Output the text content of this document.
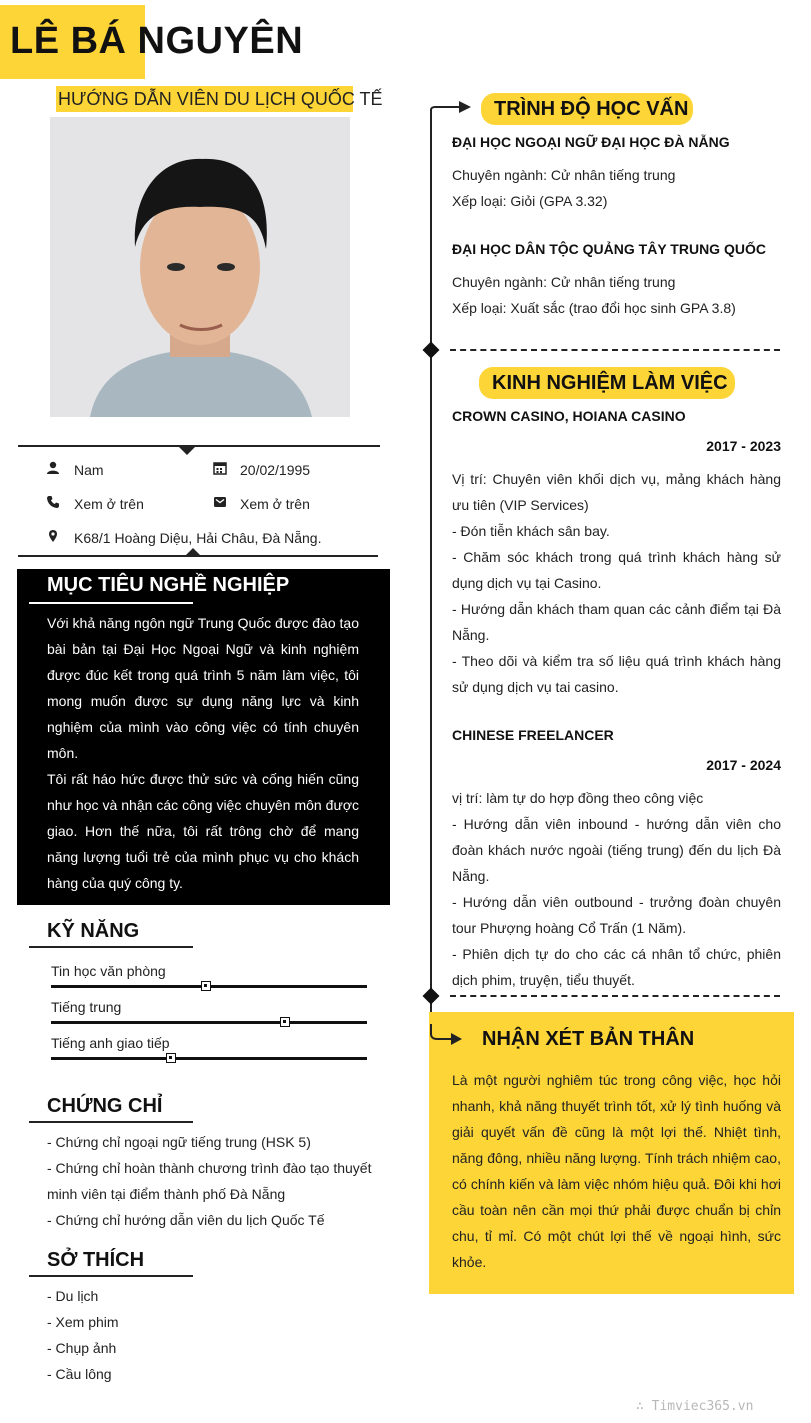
LÊ BÁ NGUYÊN
HƯỚNG DẪN VIÊN DU LỊCH QUỐC TẾ
Nam	20/02/1995
Xem ở trên	Xem ở trên
K68/1 Hoàng Diệu, Hải Châu, Đà Nẵng.
MỤC TIÊU NGHỀ NGHIỆP

Với khả năng ngôn ngữ Trung Quốc được đào tạo bài bản tại Đại Học Ngoại Ngữ và kinh nghiệm được đúc kết trong quá trình 5 năm làm việc, tôi mong muốn được sự dụng năng lực và kinh nghiệm của mình vào công việc có tính chuyên môn.

Tôi rất háo hức được thử sức và cống hiến cũng như học và nhận các công việc chuyên môn được giao. Hơn thế nữa, tôi rất trông chờ để mang năng lượng tuổi trẻ của mình phục vụ cho khách hàng của quý công ty.

KỸ NĂNG
Tin học văn phòng
Tiếng trung
Tiếng anh giao tiếp
CHỨNG CHỈ
- Chứng chỉ ngoại ngữ tiếng trung (HSK 5)
- Chứng chỉ hoàn thành chương trình đào tạo thuyết minh viên tại điểm thành phố Đà Nẵng
- Chứng chỉ hướng dẫn viên du lịch Quốc Tế
SỞ THÍCH
- Du lịch
- Xem phim
- Chụp ảnh
- Cầu lông
TRÌNH ĐỘ HỌC VẤN
ĐẠI HỌC NGOẠI NGỮ ĐẠI HỌC ĐÀ NẴNG
Chuyên ngành: Cử nhân tiếng trung
Xếp loại: Giỏi (GPA 3.32)
ĐẠI HỌC DÂN TỘC QUẢNG TÂY TRUNG QUỐC
Chuyên ngành: Cử nhân tiếng trung
Xếp loại: Xuất sắc (trao đổi học sinh GPA 3.8)
KINH NGHIỆM LÀM VIỆC
CROWN CASINO, HOIANA CASINO
2017 - 2023
Vị trí: Chuyên viên khối dịch vụ, mảng khách hàng ưu tiên (VIP Services)
- Đón tiễn khách sân bay.
- Chăm sóc khách trong quá trình khách hàng sử dụng dịch vụ tại Casino.
- Hướng dẫn khách tham quan các cảnh điểm tại Đà Nẵng.
- Theo dõi và kiểm tra số liệu quá trình khách hàng sử dụng dịch vụ tai casino.
CHINESE FREELANCER
2017 - 2024
vị trí: làm tự do hợp đồng theo công việc
- Hướng dẫn viên inbound - hướng dẫn viên cho đoàn khách nước ngoài (tiếng trung) đến du lịch Đà Nẵng.
- Hướng dẫn viên outbound - trưởng đoàn chuyên tour Phượng hoàng Cổ Trấn (1 Năm).
- Phiên dịch tự do cho các cá nhân tổ chức, phiên dịch phim, truyện, tiểu thuyết.
NHẬN XÉT BẢN THÂN
Là một người nghiêm túc trong công việc, học hỏi nhanh, khả năng thuyết trình tốt, xử lý tình huống và giải quyết vấn đề cũng là một lợi thế. Nhiệt tình, năng đông, nhiều năng lượng. Tính trách nhiệm cao, có chính kiến và làm việc nhóm hiệu quả. Đôi khi hơi cầu toàn nên cần mọi thứ phải được chuẩn bị chỉn chu, tỉ mỉ. Có một chút lợi thế về ngoại hình, sức khỏe.
∴ Timviec365.vn
